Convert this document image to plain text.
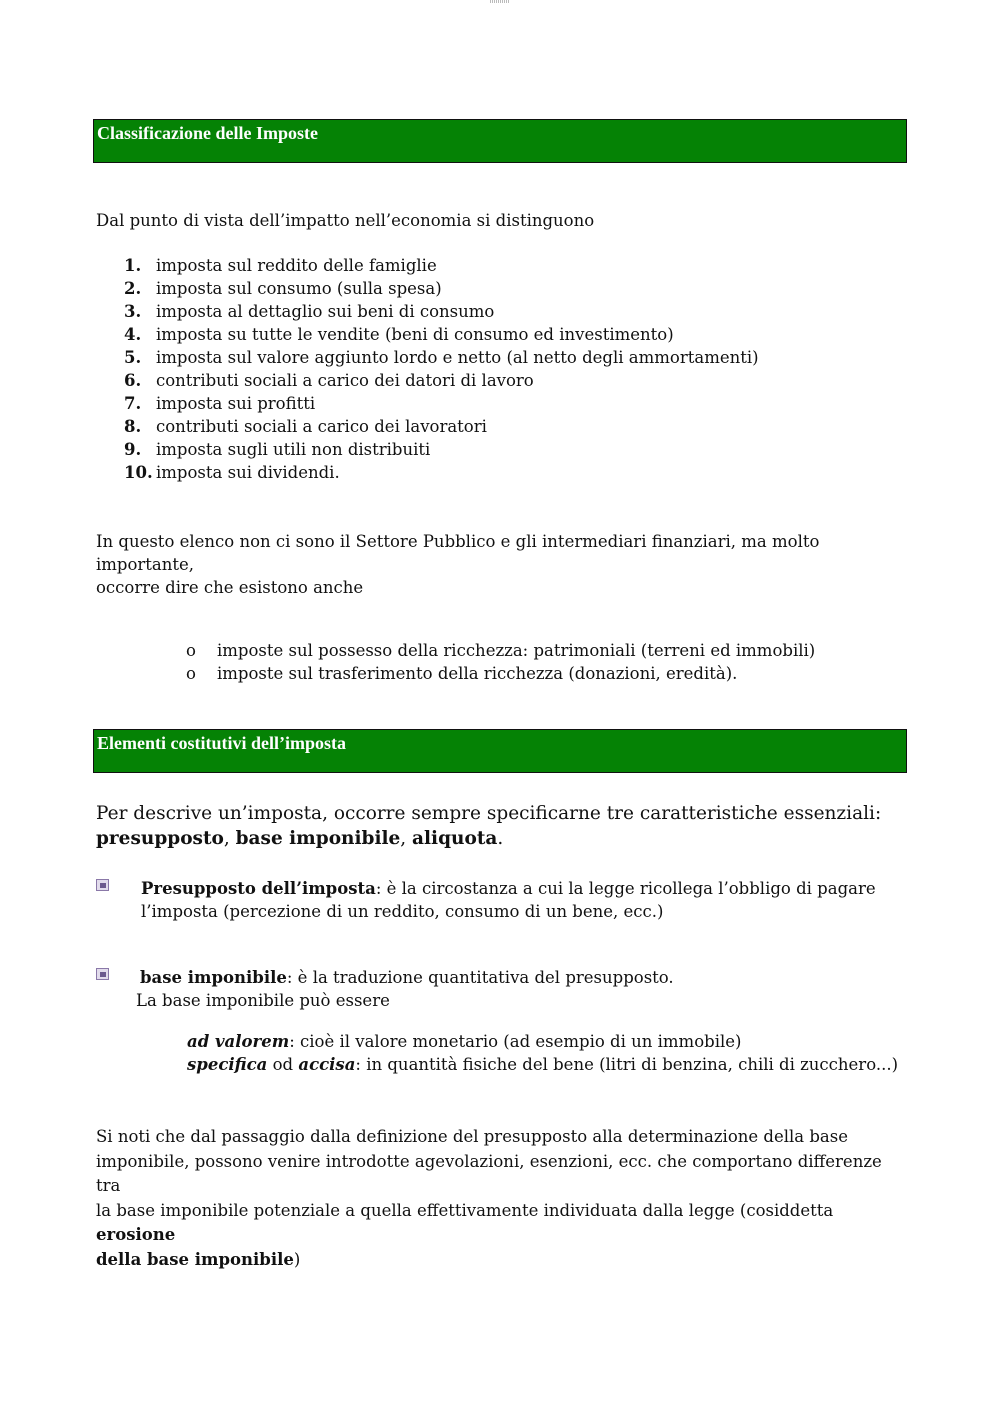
Classificazione delle Imposte
Dal punto di vista dell’impatto nell’economia si distinguono
1. imposta sul reddito delle famiglie
2. imposta sul consumo (sulla spesa)
3. imposta al dettaglio sui beni di consumo
4. imposta su tutte le vendite (beni di consumo ed investimento)
5. imposta sul valore aggiunto lordo e netto (al netto degli ammortamenti)
6. contributi sociali a carico dei datori di lavoro
7. imposta sui profitti
8. contributi sociali a carico dei lavoratori
9. imposta sugli utili non distribuiti
10. imposta sui dividendi.
In questo elenco non ci sono il Settore Pubblico e gli intermediari finanziari, ma molto importante,
occorre dire che esistono anche
o	imposte sul possesso della ricchezza: patrimoniali (terreni ed immobili)
o	imposte sul trasferimento della ricchezza (donazioni, eredità).
Elementi costitutivi dell’imposta
Per descrive un’imposta, occorre sempre specificarne tre caratteristiche essenziali:
presupposto, base imponibile, aliquota.
Presupposto dell’imposta: è la circostanza a cui la legge ricollega l’obbligo di pagare
l’imposta (percezione di un reddito, consumo di un bene, ecc.)
base imponibile: è la traduzione quantitativa del presupposto.
La base imponibile può essere
ad valorem: cioè il valore monetario (ad esempio di un immobile)
specifica od accisa: in quantità fisiche del bene (litri di benzina, chili di zucchero...)
Si noti che dal passaggio dalla definizione del presupposto alla determinazione della base
imponibile, possono venire introdotte agevolazioni, esenzioni, ecc. che comportano differenze tra
la base imponibile potenziale a quella effettivamente individuata dalla legge (cosiddetta erosione
della base imponibile)
